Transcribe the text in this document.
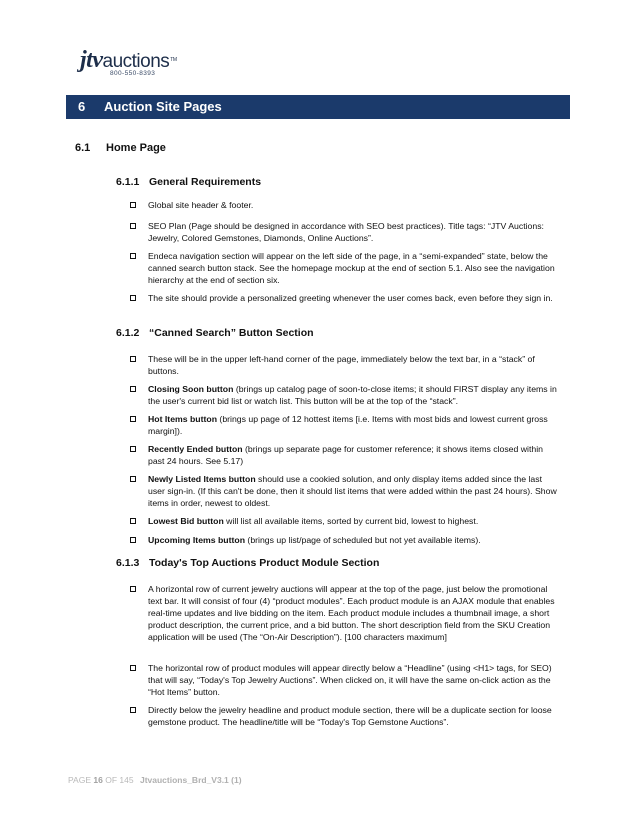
jtvauctions™
800-550-8393
6 Auction Site Pages
6.1 Home Page
6.1.1 General Requirements
Global site header & footer.
SEO Plan (Page should be designed in accordance with SEO best practices). Title tags: “JTV Auctions: Jewelry, Colored Gemstones, Diamonds, Online Auctions”.
Endeca navigation section will appear on the left side of the page, in a “semi-expanded” state, below the canned search button stack. See the homepage mockup at the end of section 5.1. Also see the navigation hierarchy at the end of section six.
The site should provide a personalized greeting whenever the user comes back, even before they sign in.
6.1.2 “Canned Search” Button Section
These will be in the upper left-hand corner of the page, immediately below the text bar, in a “stack” of buttons.
Closing Soon button (brings up catalog page of soon-to-close items; it should FIRST display any items in the user's current bid list or watch list. This button will be at the top of the “stack”.
Hot Items button (brings up page of 12 hottest items [i.e. Items with most bids and lowest current gross margin]).
Recently Ended button (brings up separate page for customer reference; it shows items closed within past 24 hours. See 5.17)
Newly Listed Items button should use a cookied solution, and only display items added since the last user sign-in. (If this can't be done, then it should list items that were added within the past 24 hours). Show items in order, newest to oldest.
Lowest Bid button will list all available items, sorted by current bid, lowest to highest.
Upcoming Items button (brings up list/page of scheduled but not yet available items).
6.1.3 Today's Top Auctions Product Module Section
A horizontal row of current jewelry auctions will appear at the top of the page, just below the promotional text bar. It will consist of four (4) “product modules”. Each product module is an AJAX module that enables real-time updates and live bidding on the item. Each product module includes a thumbnail image, a short product description, the current price, and a bid button. The short description field from the SKU Creation application will be used (The “On-Air Description”). [100 characters maximum]
The horizontal row of product modules will appear directly below a “Headline” (using <H1> tags, for SEO) that will say, “Today's Top Jewelry Auctions”. When clicked on, it will have the same on-click action as the “Hot Items” button.
Directly below the jewelry headline and product module section, there will be a duplicate section for loose gemstone product. The headline/title will be “Today's Top Gemstone Auctions”.
PAGE 16 OF 145 Jtvauctions_Brd_V3.1 (1)
